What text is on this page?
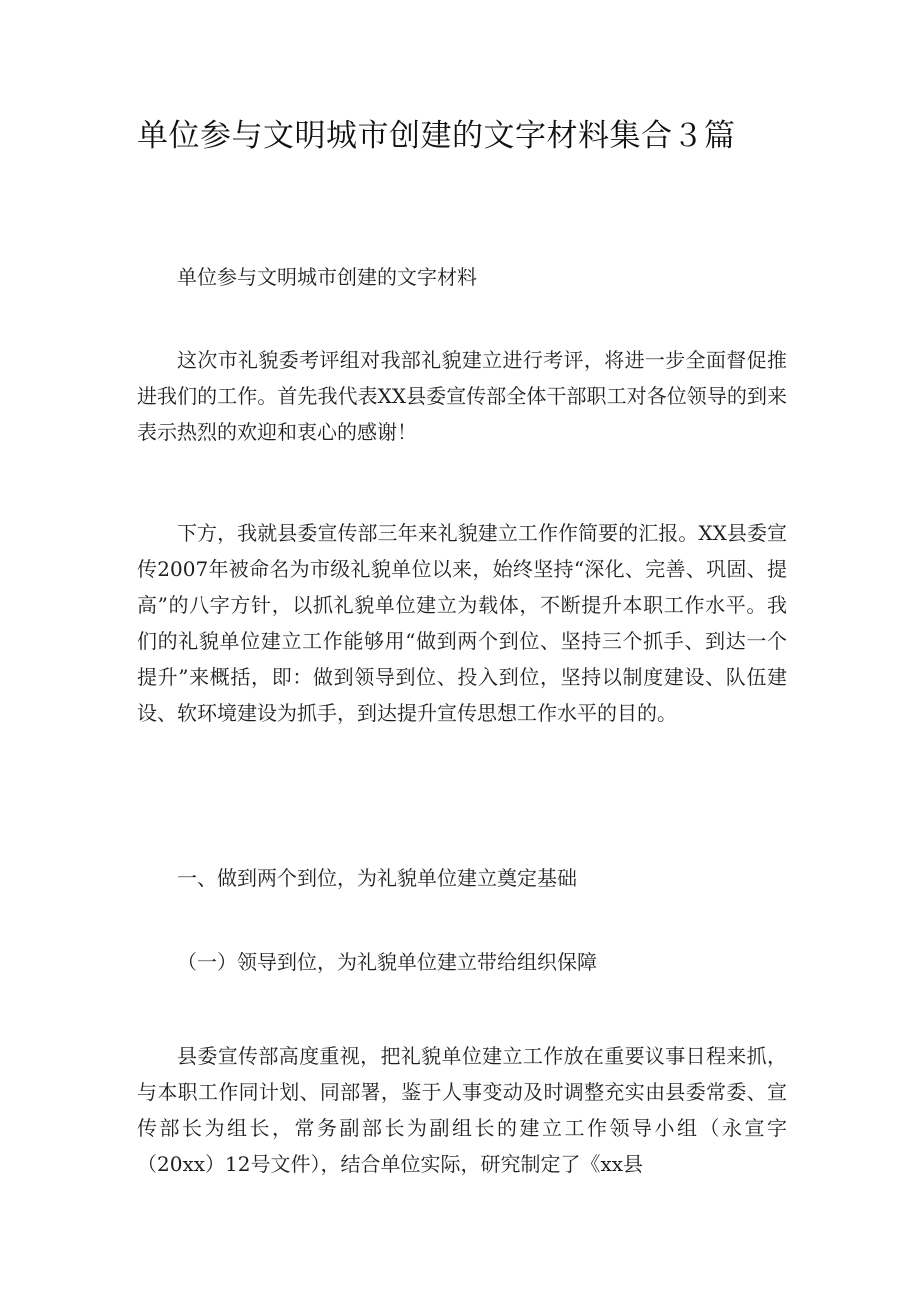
单位参与文明城市创建的文字材料集合３篇

单位参与文明城市创建的文字材料

这次市礼貌委考评组对我部礼貌建立进行考评，将进一步全面督促推进我们的工作。首先我代表XX县委宣传部全体干部职工对各位领导的到来表示热烈的欢迎和衷心的感谢！

下方，我就县委宣传部三年来礼貌建立工作作简要的汇报。XX县委宣传2007年被命名为市级礼貌单位以来，始终坚持“深化、完善、巩固、提高”的八字方针，以抓礼貌单位建立为载体，不断提升本职工作水平。我们的礼貌单位建立工作能够用“做到两个到位、坚持三个抓手、到达一个提升”来概括，即：做到领导到位、投入到位，坚持以制度建设、队伍建设、软环境建设为抓手，到达提升宣传思想工作水平的目的。

一、做到两个到位，为礼貌单位建立奠定基础

（一）领导到位，为礼貌单位建立带给组织保障

县委宣传部高度重视，把礼貌单位建立工作放在重要议事日程来抓，与本职工作同计划、同部署，鉴于人事变动及时调整充实由县委常委、宣传部长为组长，常务副部长为副组长的建立工作领导小组（永宣字（20xx）12号文件），结合单位实际，研究制定了《xx县
